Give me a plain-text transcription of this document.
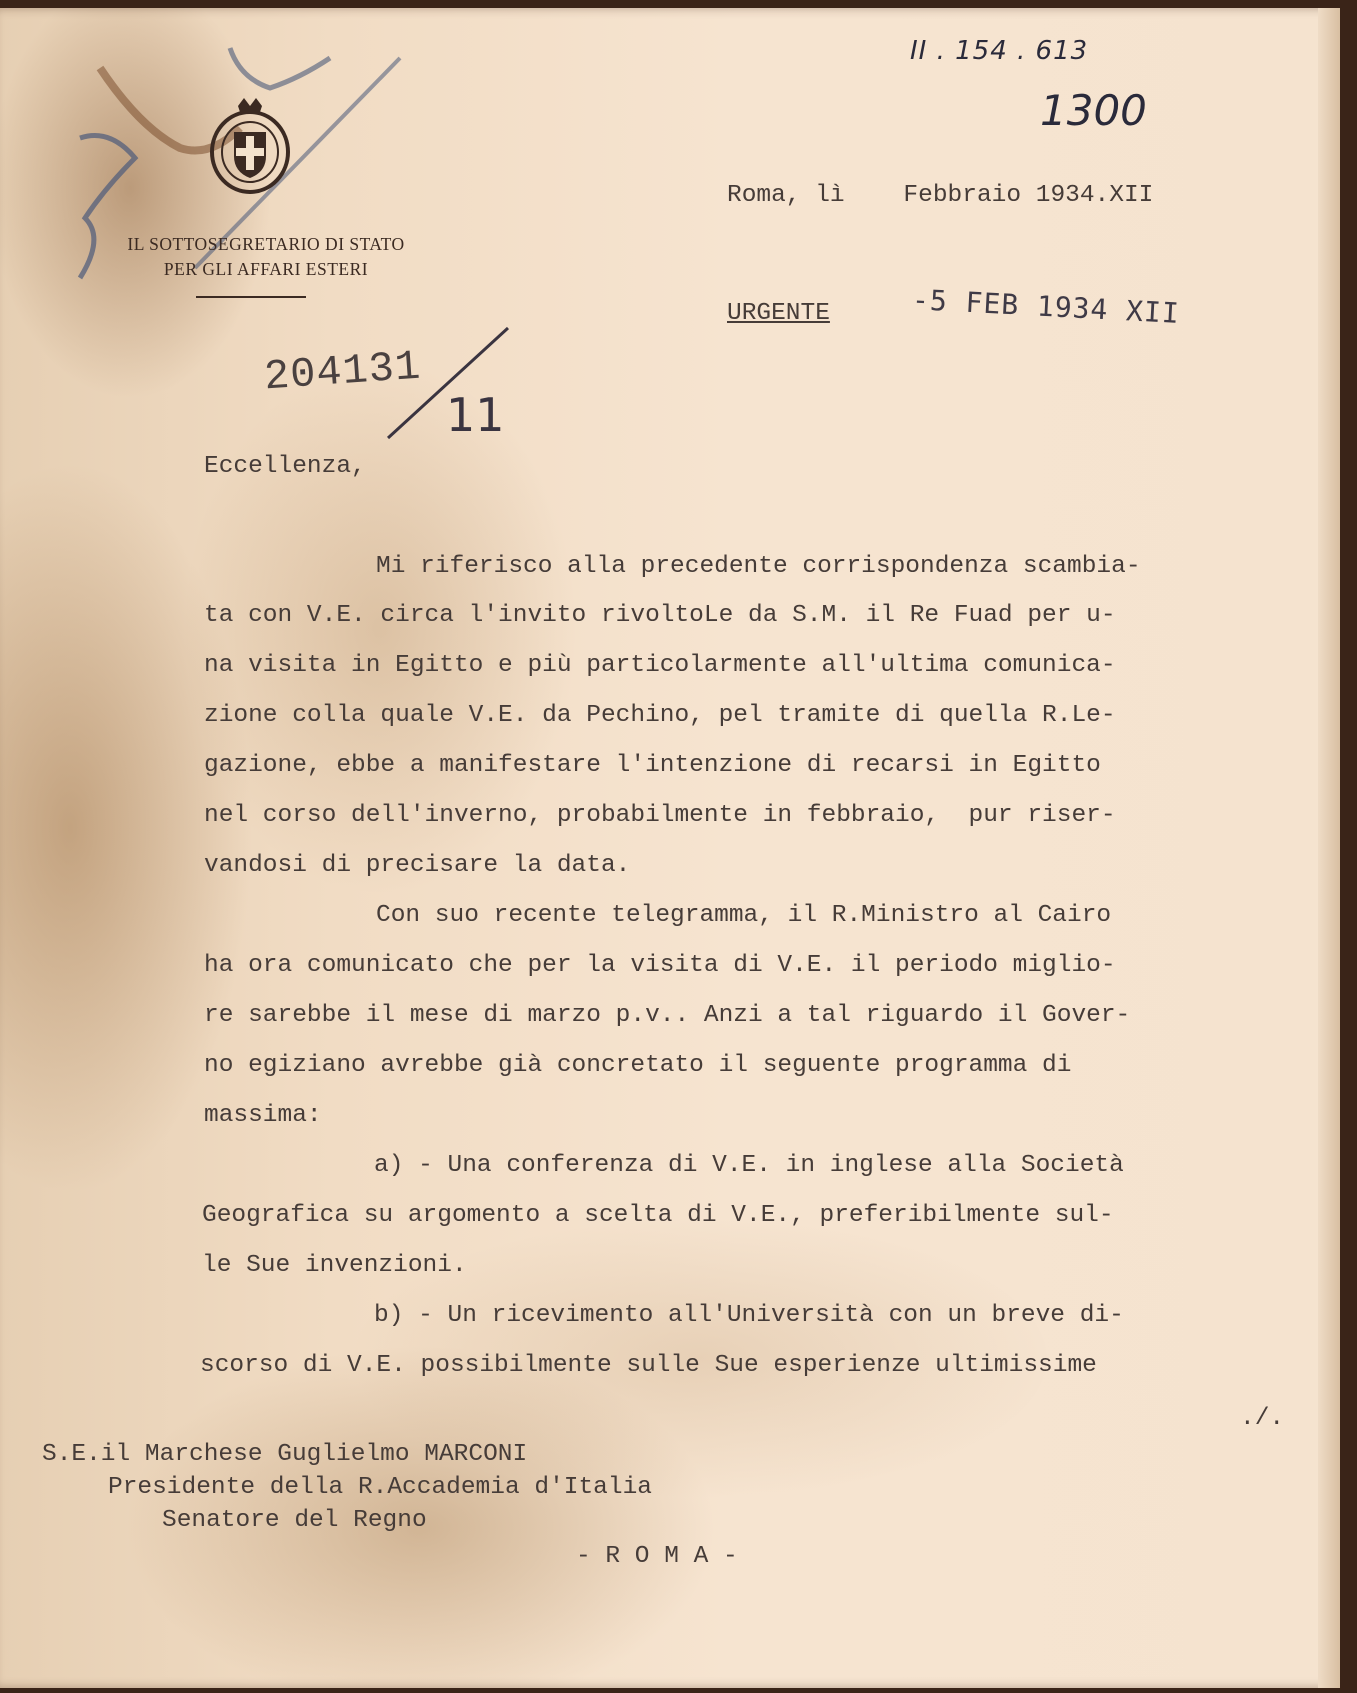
IL SOTTOSEGRETARIO DI STATO
PER GLI AFFARI ESTERI
II . 154 . 613
1300
204131
11
Roma, lì    Febbraio 1934.XII
URGENTE	-5 FEB 1934 XII
Eccellenza,
Mi riferisco alla precedente corrispondenza scambia-
ta con V.E. circa l'invito rivoltoLe da S.M. il Re Fuad per u-
na visita in Egitto e più particolarmente all'ultima comunica-
zione colla quale V.E. da Pechino, pel tramite di quella R.Le-
gazione, ebbe a manifestare l'intenzione di recarsi in Egitto
nel corso dell'inverno, probabilmente in febbraio,  pur riser-
vandosi di precisare la data.
Con suo recente telegramma, il R.Ministro al Cairo
ha ora comunicato che per la visita di V.E. il periodo miglio-
re sarebbe il mese di marzo p.v.. Anzi a tal riguardo il Gover-
no egiziano avrebbe già concretato il seguente programma di
massima:
a) - Una conferenza di V.E. in inglese alla Società
Geografica su argomento a scelta di V.E., preferibilmente sul-
le Sue invenzioni.
b) - Un ricevimento all'Università con un breve di-
scorso di V.E. possibilmente sulle Sue esperienze ultimissime
./.
S.E.il Marchese Guglielmo MARCONI
Presidente della R.Accademia d'Italia
Senatore del Regno
- R O M A -
